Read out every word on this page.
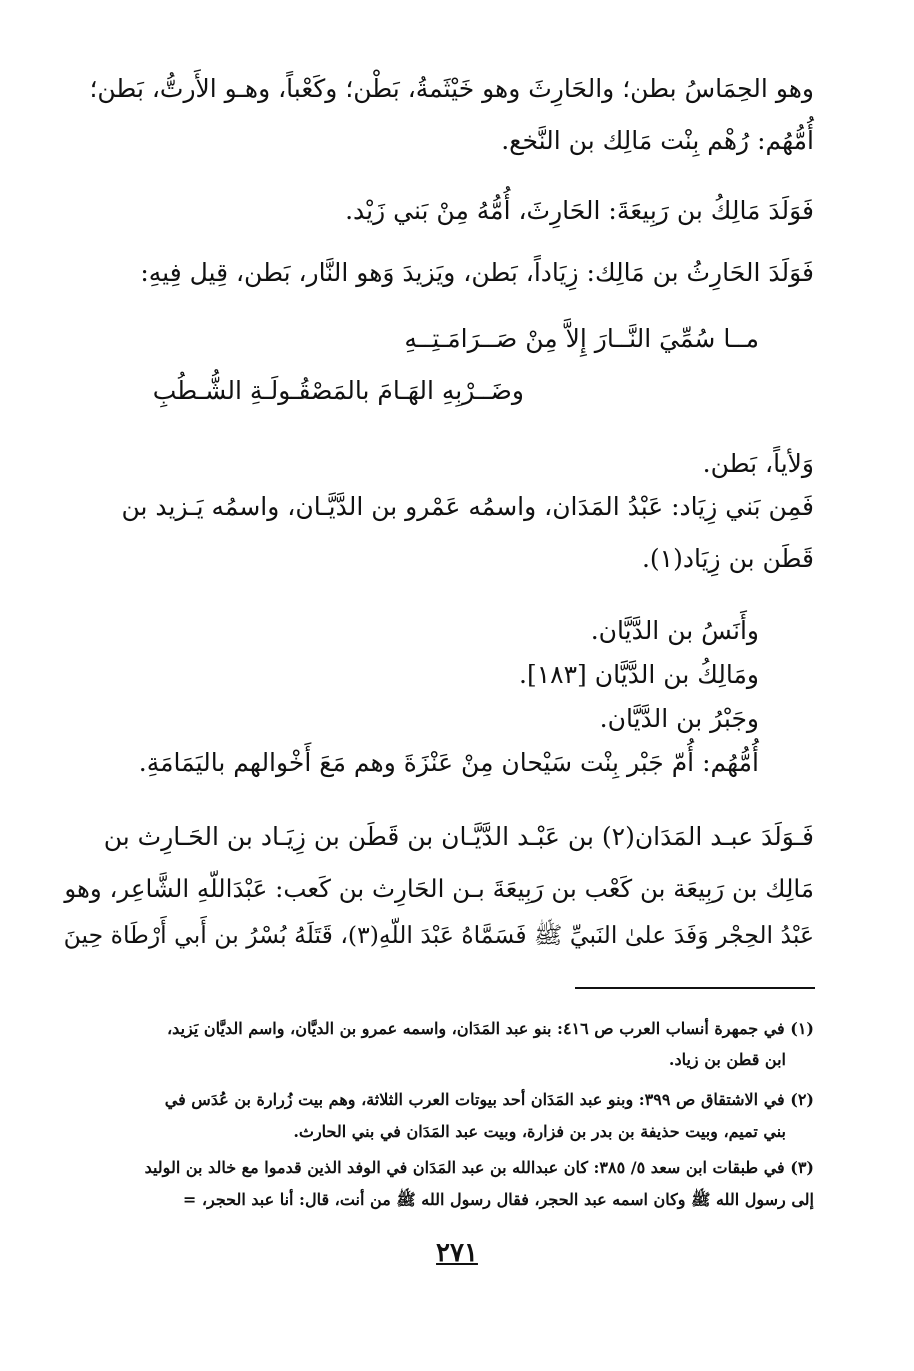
وهو الحِمَاسُ بطن؛ والحَارِثَ وهو خَيْثَمةُ، بَطْن؛ وكَعْباً، وهـو الأَرتُّ، بَطن؛

أُمُّهُم: رُهْم بِنْت مَالِك بن النَّخع.

فَوَلَدَ مَالِكُ بن رَبِيعَةَ: الحَارِثَ، أُمُّهُ مِنْ بَني زَيْد.

فَوَلَدَ الحَارِثُ بن مَالِك: زِيَاداً، بَطن، ويَزيدَ وَهو النَّار، بَطن، قِيل فِيهِ:

مــا سُمِّيَ النَّــارَ إِلاَّ مِنْ صَــرَامَـتِــهِ

وضَــرْبِهِ الهَـامَ بالمَصْقُـولَـةِ الشُّـطُبِ

وَلأياً، بَطن.

فَمِن بَني زِيَاد: عَبْدُ المَدَان، واسمُه عَمْرو بن الدَّيَّـان، واسمُه يَـزيد بن

قَطَن بن زِيَاد(١).

وأَنَسُ بن الدَّيَّان.

ومَالِكُ بن الدَّيَّان [١٨٣].

وجَبْرُ بن الدَّيَّان.

أُمُّهُم: أُمّ جَبْر بِنْت سَيْحان مِنْ عَنْزَةَ وهم مَعَ أَخْوالهم باليَمَامَةِ.

فَـوَلَدَ عبـد المَدَان(٢) بن عَبْـد الدَّيَّـان بن قَطَن بن زِيَـاد بن الحَـارِث بن

مَالِك بن رَبِيعَة بن كَعْب بن رَبِيعَةَ بـن الحَارِث بن كَعب: عَبْدَاللّهِ الشَّاعِر، وهو

عَبْدُ الحِجْر وَفَدَ علىٰ النَبيِّ ﷺ فَسَمَّاهُ عَبْدَ اللّهِ(٣)، قَتَلَهُ بُسْرُ بن أَبي أَرْطَاة حِينَ

(١) في جمهرة أنساب العرب ص ٤١٦: بنو عبد المَدَان، واسمه عمرو بن الديَّان، واسم الديَّان يَزيد،

ابن قطن بن زياد.

(٢) في الاشتقاق ص ٣٩٩: وبنو عبد المَدَان أحد بيوتات العرب الثلاثة، وهم بيت زُرارة بن عُدَس في

بني تميم، وبيت حذيفة بن بدر بن فزارة، وبيت عبد المَدَان في بني الحارث.

(٣) في طبقات ابن سعد ٥/ ٣٨٥: كان عبدالله بن عبد المَدَان في الوفد الذين قدموا مع خالد بن الوليد

إلى رسول الله ﷺ وكان اسمه عبد الحجر، فقال رسول الله ﷺ من أنت، قال: أنا عبد الحجر، =

٢٧١
